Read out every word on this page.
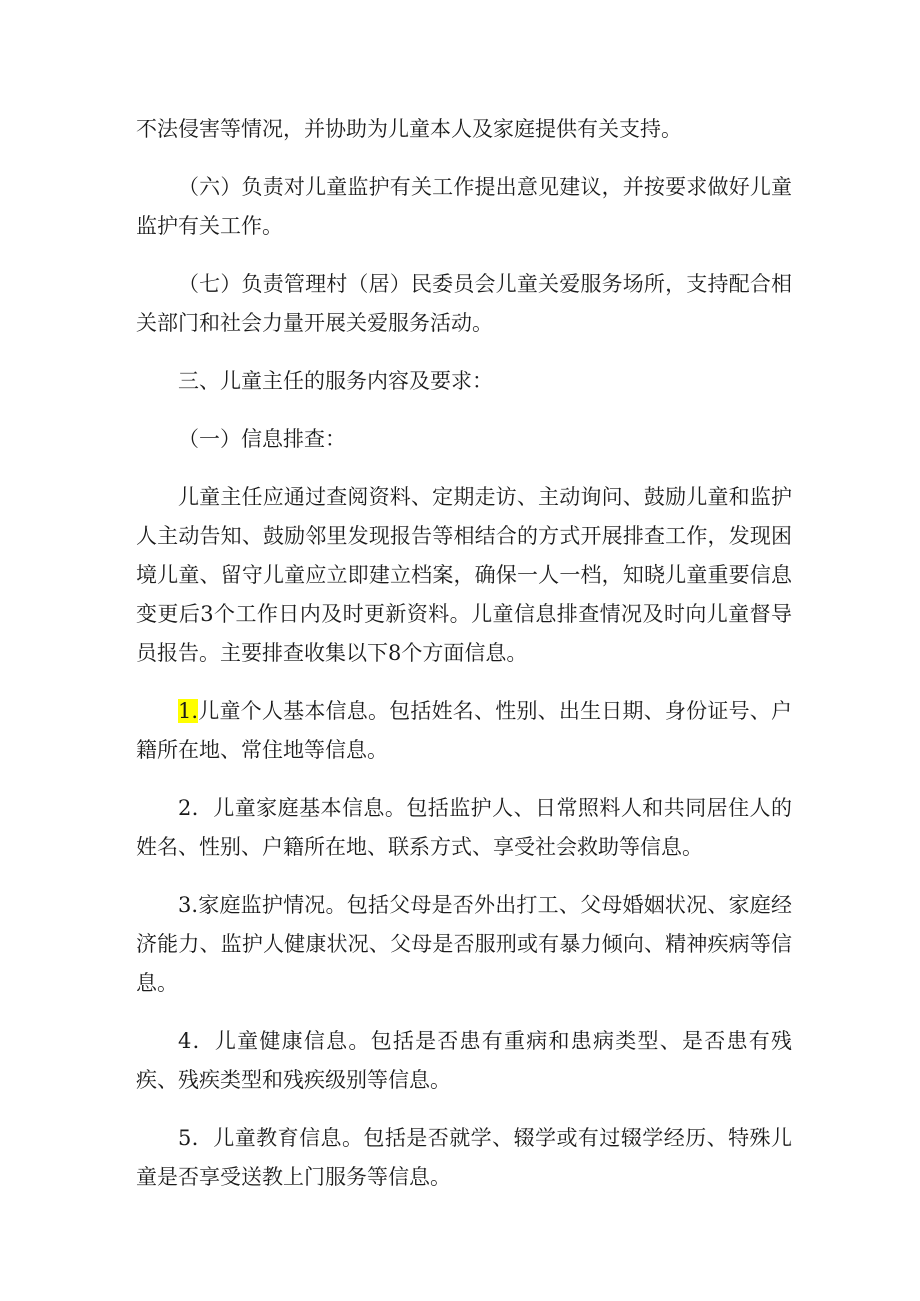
不法侵害等情况，并协助为儿童本人及家庭提供有关支持。

（六）负责对儿童监护有关工作提出意见建议，并按要求做好儿童监护有关工作。

（七）负责管理村（居）民委员会儿童关爱服务场所，支持配合相关部门和社会力量开展关爱服务活动。

三、儿童主任的服务内容及要求：

（一）信息排查：

儿童主任应通过查阅资料、定期走访、主动询问、鼓励儿童和监护人主动告知、鼓励邻里发现报告等相结合的方式开展排查工作，发现困境儿童、留守儿童应立即建立档案，确保一人一档，知晓儿童重要信息变更后3个工作日内及时更新资料。儿童信息排查情况及时向儿童督导员报告。主要排查收集以下8个方面信息。

1.儿童个人基本信息。包括姓名、性别、出生日期、身份证号、户籍所在地、常住地等信息。

2．儿童家庭基本信息。包括监护人、日常照料人和共同居住人的姓名、性别、户籍所在地、联系方式、享受社会救助等信息。

3.家庭监护情况。包括父母是否外出打工、父母婚姻状况、家庭经济能力、监护人健康状况、父母是否服刑或有暴力倾向、精神疾病等信息。

4．儿童健康信息。包括是否患有重病和患病类型、是否患有残疾、残疾类型和残疾级别等信息。

5．儿童教育信息。包括是否就学、辍学或有过辍学经历、特殊儿童是否享受送教上门服务等信息。
